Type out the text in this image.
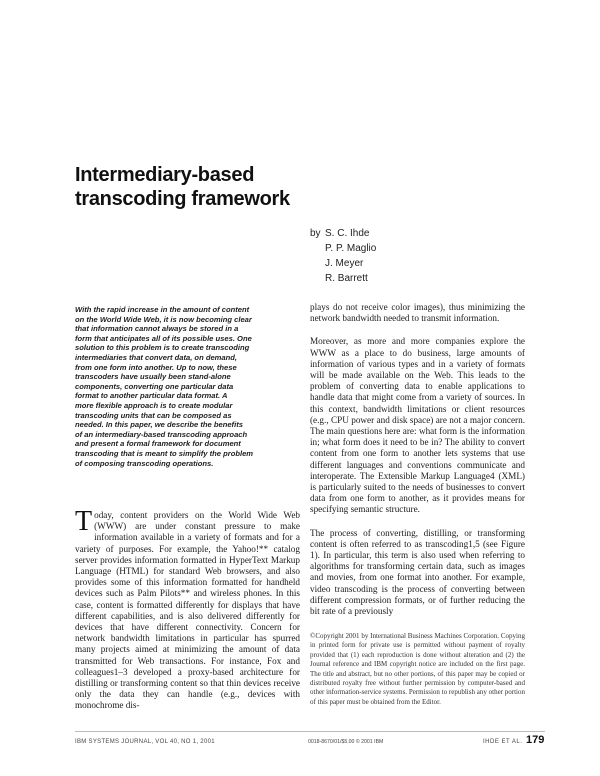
Intermediary-based
transcoding framework
by S. C. Ihde
P. P. Maglio
J. Meyer
R. Barrett
With the rapid increase in the amount of content
on the World Wide Web, it is now becoming clear
that information cannot always be stored in a
form that anticipates all of its possible uses. One
solution to this problem is to create transcoding
intermediaries that convert data, on demand,
from one form into another. Up to now, these
transcoders have usually been stand-alone
components, converting one particular data
format to another particular data format. A
more flexible approach is to create modular
transcoding units that can be composed as
needed. In this paper, we describe the benefits
of an intermediary-based transcoding approach
and present a formal framework for document
transcoding that is meant to simplify the problem
of composing transcoding operations.
Today, content providers on the World Wide Web (WWW) are under constant pressure to make information available in a variety of formats and for a variety of purposes. For example, the Yahoo!** catalog server provides information formatted in HyperText Markup Language (HTML) for standard Web browsers, and also provides some of this information formatted for handheld devices such as Palm Pilots** and wireless phones. In this case, content is formatted differently for displays that have different capabilities, and is also delivered differently for devices that have different connectivity. Concern for network bandwidth limitations in particular has spurred many projects aimed at minimizing the amount of data transmitted for Web transactions. For instance, Fox and colleagues1–3 developed a proxy-based architecture for distilling or transforming content so that thin devices receive only the data they can handle (e.g., devices with monochrome dis-

plays do not receive color images), thus minimizing the network bandwidth needed to transmit information.

Moreover, as more and more companies explore the WWW as a place to do business, large amounts of information of various types and in a variety of formats will be made available on the Web. This leads to the problem of converting data to enable applications to handle data that might come from a variety of sources. In this context, bandwidth limitations or client resources (e.g., CPU power and disk space) are not a major concern. The main questions here are: what form is the information in; what form does it need to be in? The ability to convert content from one form to another lets systems that use different languages and conventions communicate and interoperate. The Extensible Markup Language4 (XML) is particularly suited to the needs of businesses to convert data from one form to another, as it provides means for specifying semantic structure.

The process of converting, distilling, or transforming content is often referred to as transcoding1,5 (see Figure 1). In particular, this term is also used when referring to algorithms for transforming certain data, such as images and movies, from one format into another. For example, video transcoding is the process of converting between different compression formats, or of further reducing the bit rate of a previously

©Copyright 2001 by International Business Machines Corporation. Copying in printed form for private use is permitted without payment of royalty provided that (1) each reproduction is done without alteration and (2) the Journal reference and IBM copyright notice are included on the first page. The title and abstract, but no other portions, of this paper may be copied or distributed royalty free without further permission by computer-based and other information-service systems. Permission to republish any other portion of this paper must be obtained from the Editor.
IBM SYSTEMS JOURNAL, VOL 40, NO 1, 2001	0018-8670/01/$5.00 © 2001 IBM	IHDE ET AL. 179
